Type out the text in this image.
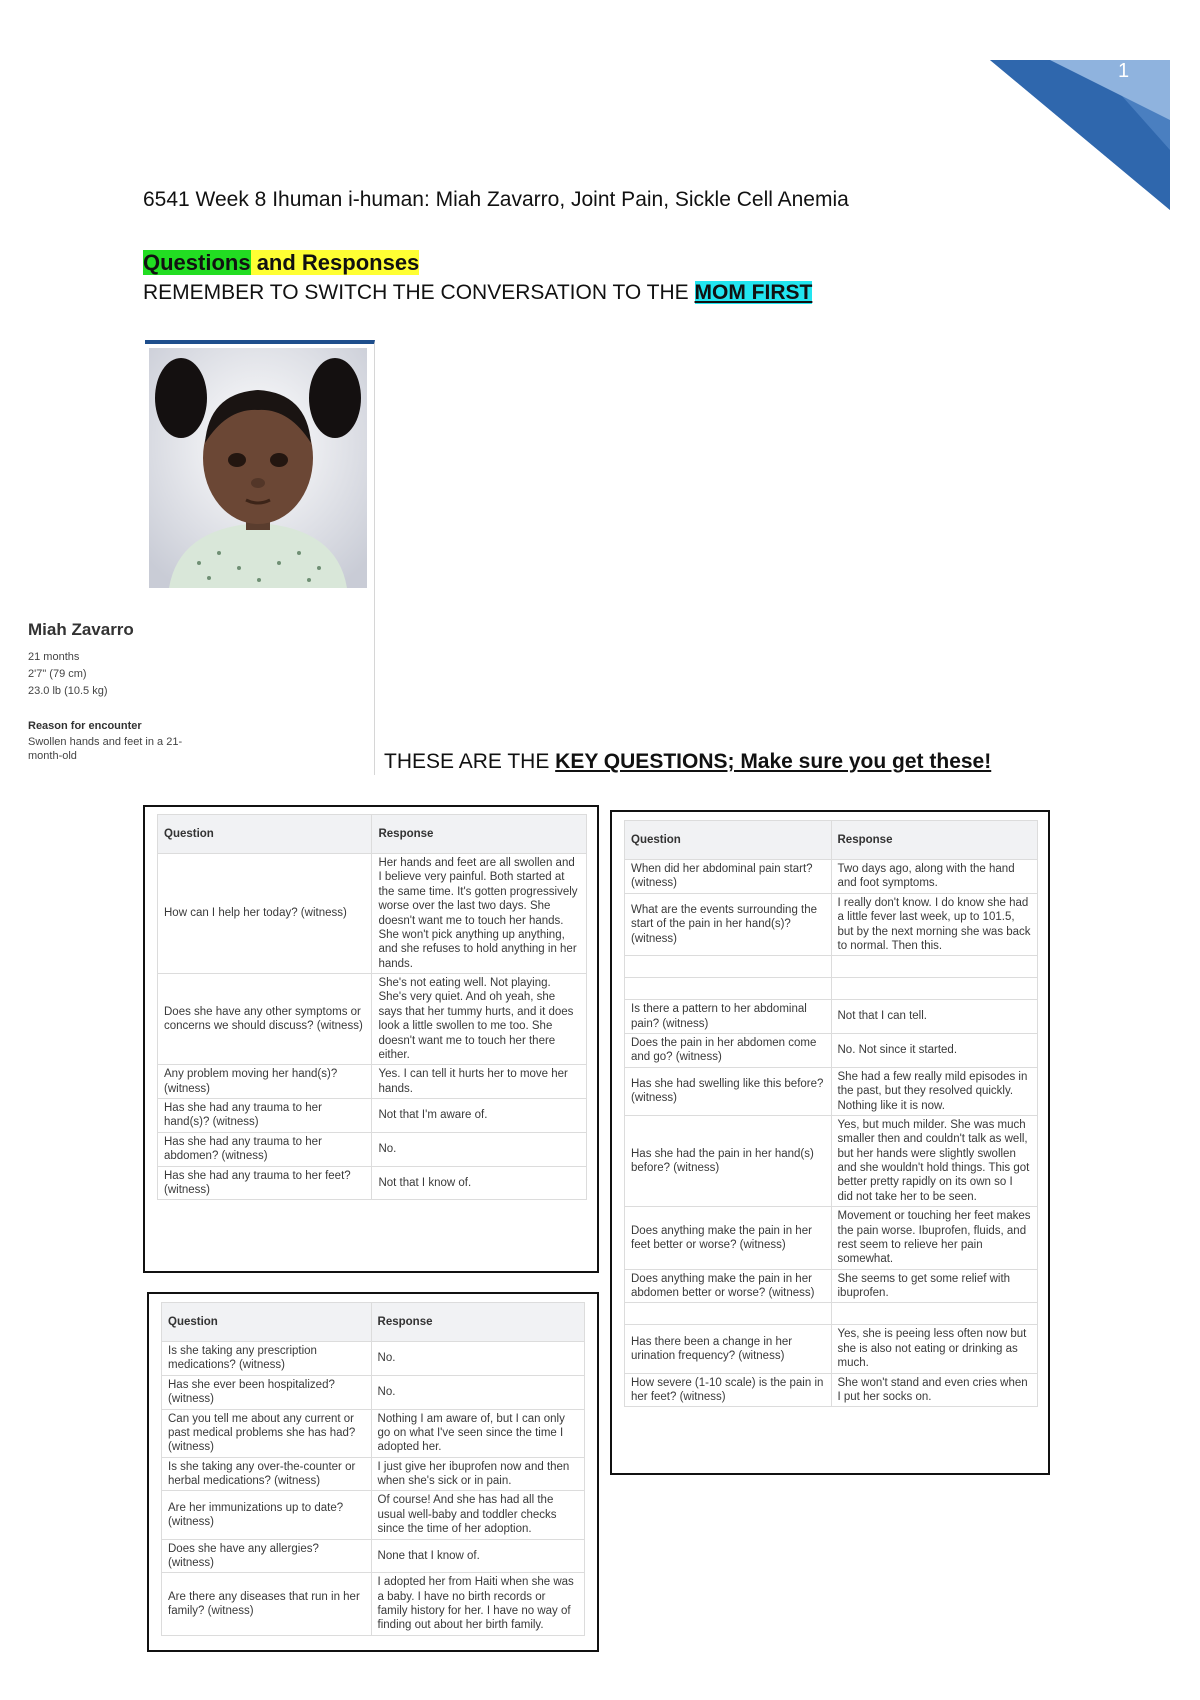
1
6541 Week 8 Ihuman i-human: Miah Zavarro, Joint Pain, Sickle Cell Anemia
Questions and Responses
REMEMBER TO SWITCH THE CONVERSATION TO THE MOM FIRST
Miah Zavarro
21 months
2'7" (79 cm)
23.0 lb (10.5 kg)
Reason for encounter
Swollen hands and feet in a 21-month-old	THESE ARE THE KEY QUESTIONS; Make sure you get these!
Question	Response
How can I help her today? (witness)	Her hands and feet are all swollen and I believe very painful. Both started at the same time. It's gotten progressively worse over the last two days. She doesn't want me to touch her hands. She won't pick anything up anything, and she refuses to hold anything in her hands.
Does she have any other symptoms or concerns we should discuss? (witness)	She's not eating well. Not playing. She's very quiet. And oh yeah, she says that her tummy hurts, and it does look a little swollen to me too. She doesn't want me to touch her there either.
Any problem moving her hand(s)? (witness)	Yes. I can tell it hurts her to move her hands.
Has she had any trauma to her hand(s)? (witness)	Not that I'm aware of.
Has she had any trauma to her abdomen? (witness)	No.
Has she had any trauma to her feet? (witness)	Not that I know of.
Question	Response
Is she taking any prescription medications? (witness)	No.
Has she ever been hospitalized? (witness)	No.
Can you tell me about any current or past medical problems she has had? (witness)	Nothing I am aware of, but I can only go on what I've seen since the time I adopted her.
Is she taking any over-the-counter or herbal medications? (witness)	I just give her ibuprofen now and then when she's sick or in pain.
Are her immunizations up to date? (witness)	Of course! And she has had all the usual well-baby and toddler checks since the time of her adoption.
Does she have any allergies? (witness)	None that I know of.
Are there any diseases that run in her family? (witness)	I adopted her from Haiti when she was a baby. I have no birth records or family history for her. I have no way of finding out about her birth family.
Question	Response
When did her abdominal pain start? (witness)	Two days ago, along with the hand and foot symptoms.
What are the events surrounding the start of the pain in her hand(s)? (witness)	I really don't know. I do know she had a little fever last week, up to 101.5, but by the next morning she was back to normal. Then this.

Is there a pattern to her abdominal pain? (witness)	Not that I can tell.
Does the pain in her abdomen come and go? (witness)	No. Not since it started.
Has she had swelling like this before? (witness)	She had a few really mild episodes in the past, but they resolved quickly. Nothing like it is now.
Has she had the pain in her hand(s) before? (witness)	Yes, but much milder. She was much smaller then and couldn't talk as well, but her hands were slightly swollen and she wouldn't hold things. This got better pretty rapidly on its own so I did not take her to be seen.
Does anything make the pain in her feet better or worse? (witness)	Movement or touching her feet makes the pain worse. Ibuprofen, fluids, and rest seem to relieve her pain somewhat.
Does anything make the pain in her abdomen better or worse? (witness)	She seems to get some relief with ibuprofen.

Has there been a change in her urination frequency? (witness)	Yes, she is peeing less often now but she is also not eating or drinking as much.
How severe (1-10 scale) is the pain in her feet? (witness)	She won't stand and even cries when I put her socks on.
